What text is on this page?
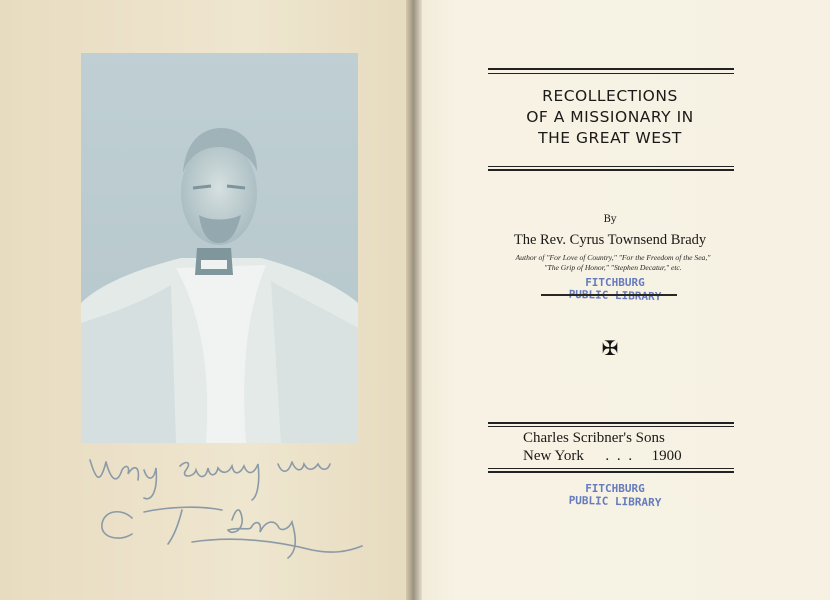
RECOLLECTIONS
OF A MISSIONARY IN
THE GREAT WEST
By
The Rev. Cyrus Townsend Brady
Author of "For Love of Country," "For the Freedom of the Sea,"
"The Grip of Honor," "Stephen Decatur," etc.
FITCHBURG
✠
Charles Scribner's Sons
New York . . . 1900
FITCHBURG
PUBLIC LIBRARY
